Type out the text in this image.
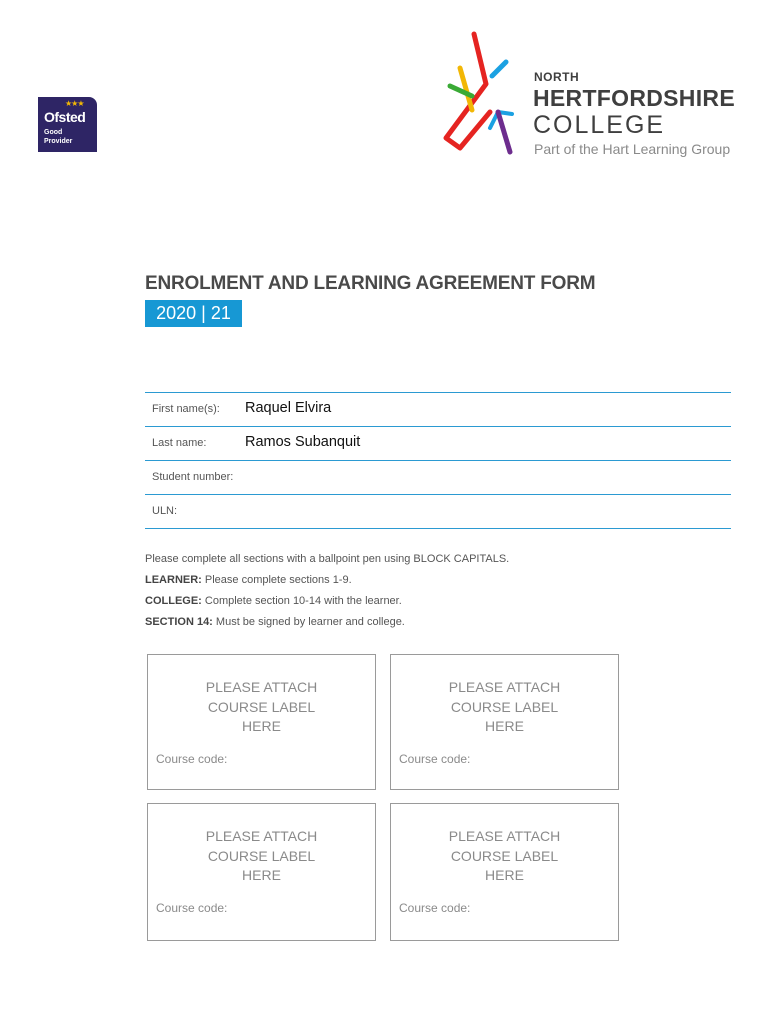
★★★
Ofsted
Good
Provider
NORTH
HERTFORDSHIRE
COLLEGE
Part of the Hart Learning Group
ENROLMENT AND LEARNING AGREEMENT FORM
2020 | 21
First name(s): Raquel Elvira
Last name:	Ramos Subanquit
Student number:
ULN:

Please complete all sections with a ballpoint pen using BLOCK CAPITALS.

LEARNER: Please complete sections 1-9.

COLLEGE: Complete section 10-14 with the learner.

SECTION 14: Must be signed by learner and college.

PLEASE ATTACH
COURSE LABEL
HERE
Course code:
PLEASE ATTACH
COURSE LABEL
HERE
Course code:
PLEASE ATTACH
COURSE LABEL
HERE
Course code:
PLEASE ATTACH
COURSE LABEL
HERE
Course code:
